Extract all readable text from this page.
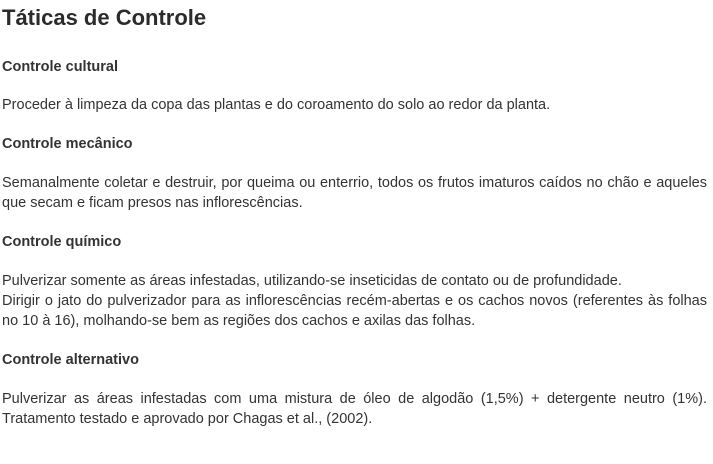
Táticas de Controle
Controle cultural

Proceder à limpeza da copa das plantas e do coroamento do solo ao redor da planta.

Controle mecânico

Semanalmente coletar e destruir, por queima ou enterrio, todos os frutos imaturos caídos no chão e aqueles que secam e ficam presos nas inflorescências.

Controle químico

Pulverizar somente as áreas infestadas, utilizando-se inseticidas de contato ou de profundidade.
Dirigir o jato do pulverizador para as inflorescências recém-abertas e os cachos novos (referentes às folhas no 10 à 16), molhando-se bem as regiões dos cachos e axilas das folhas.

Controle alternativo

Pulverizar as áreas infestadas com uma mistura de óleo de algodão (1,5%) + detergente neutro (1%). Tratamento testado e aprovado por Chagas et al., (2002).
